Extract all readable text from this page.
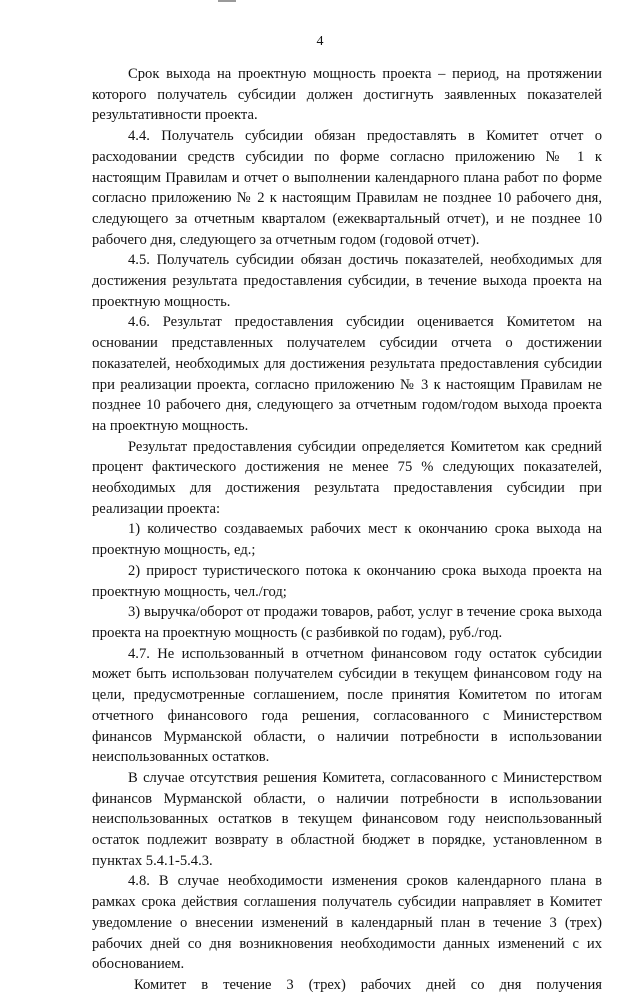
4

Срок выхода на проектную мощность проекта – период, на протяжении которого получатель субсидии должен достигнуть заявленных показателей результативности проекта.

4.4. Получатель субсидии обязан предоставлять в Комитет отчет о расходовании средств субсидии по форме согласно приложению № 1 к настоящим Правилам и отчет о выполнении календарного плана работ по форме согласно приложению № 2 к настоящим Правилам не позднее 10 рабочего дня, следующего за отчетным кварталом (ежеквартальный отчет), и не позднее 10 рабочего дня, следующего за отчетным годом (годовой отчет).

4.5. Получатель субсидии обязан достичь показателей, необходимых для достижения результата предоставления субсидии, в течение выхода проекта на проектную мощность.

4.6. Результат предоставления субсидии оценивается Комитетом на основании представленных получателем субсидии отчета о достижении показателей, необходимых для достижения результата предоставления субсидии при реализации проекта, согласно приложению № 3 к настоящим Правилам не позднее 10 рабочего дня, следующего за отчетным годом/годом выхода проекта на проектную мощность.

Результат предоставления субсидии определяется Комитетом как средний процент фактического достижения не менее 75 % следующих показателей, необходимых для достижения результата предоставления субсидии при реализации проекта:

1) количество создаваемых рабочих мест к окончанию срока выхода на проектную мощность, ед.;

2) прирост туристического потока к окончанию срока выхода проекта на проектную мощность, чел./год;

3) выручка/оборот от продажи товаров, работ, услуг в течение срока выхода проекта на проектную мощность (с разбивкой по годам), руб./год.

4.7. Не использованный в отчетном финансовом году остаток субсидии может быть использован получателем субсидии в текущем финансовом году на цели, предусмотренные соглашением, после принятия Комитетом по итогам отчетного финансового года решения, согласованного с Министерством финансов Мурманской области, о наличии потребности в использовании неиспользованных остатков.

В случае отсутствия решения Комитета, согласованного с Министерством финансов Мурманской области, о наличии потребности в использовании неиспользованных остатков в текущем финансовом году неиспользованный остаток подлежит возврату в областной бюджет в порядке, установленном в пунктах 5.4.1-5.4.3.

4.8. В случае необходимости изменения сроков календарного плана в рамках срока действия соглашения получатель субсидии направляет в Комитет уведомление о внесении изменений в календарный план в течение 3 (трех) рабочих дней со дня возникновения необходимости данных изменений с их обоснованием.

Комитет в течение 3 (трех) рабочих дней со дня получения
